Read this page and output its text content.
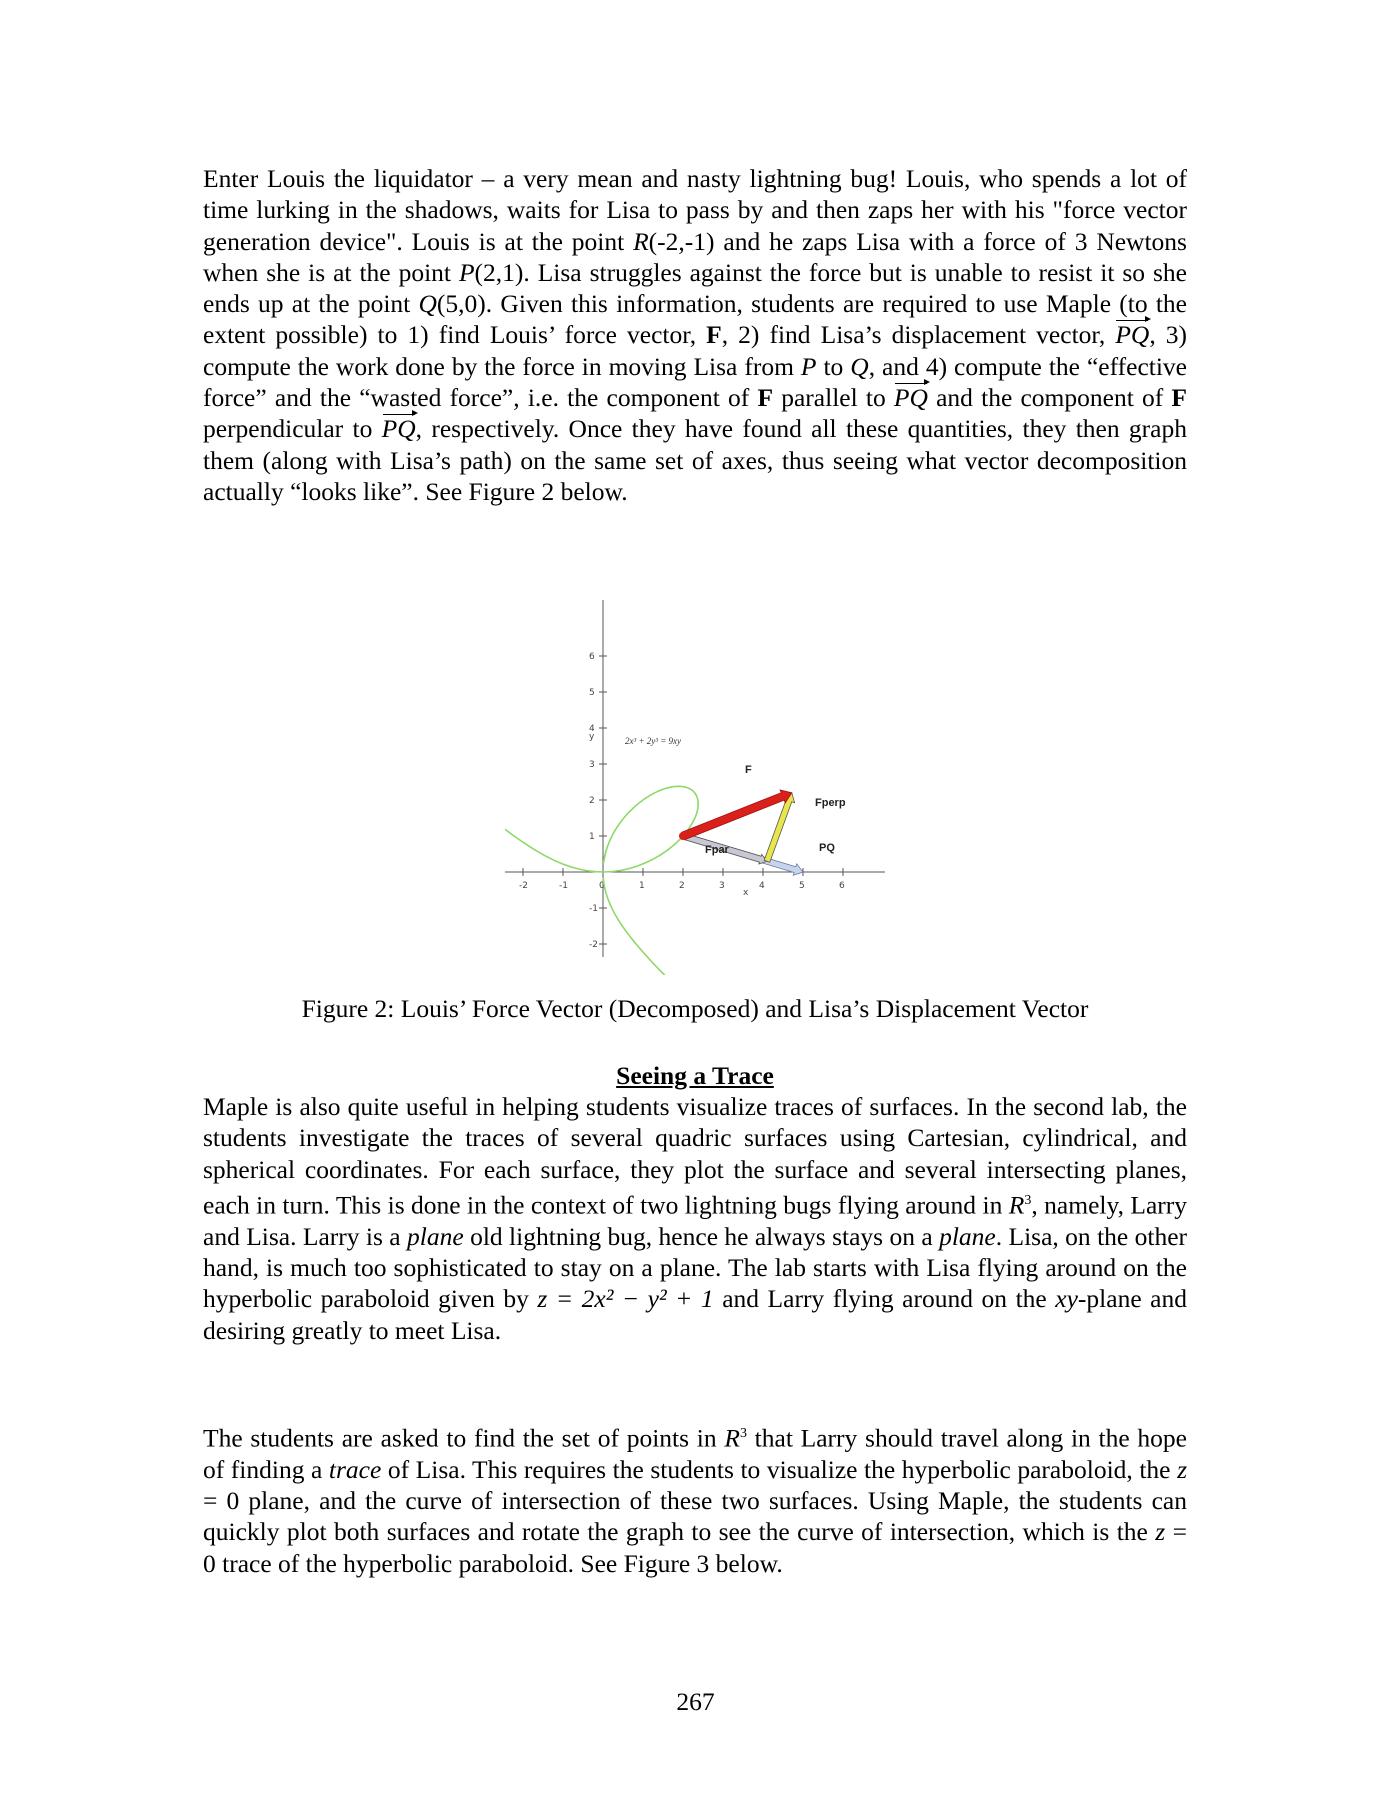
Enter Louis the liquidator – a very mean and nasty lightning bug! Louis, who spends a lot of time lurking in the shadows, waits for Lisa to pass by and then zaps her with his "force vector generation device". Louis is at the point R(-2,-1) and he zaps Lisa with a force of 3 Newtons when she is at the point P(2,1). Lisa struggles against the force but is unable to resist it so she ends up at the point Q(5,0). Given this information, students are required to use Maple (to the extent possible) to 1) find Louis’ force vector, F, 2) find Lisa’s displacement vector, PQ, 3) compute the work done by the force in moving Lisa from P to Q, and 4) compute the “effective force” and the “wasted force”, i.e. the component of F parallel to PQ and the component of F perpendicular to PQ, respectively. Once they have found all these quantities, they then graph them (along with Lisa’s path) on the same set of axes, thus seeing what vector decomposition actually “looks like”. See Figure 2 below.

-2	-1	0	1	2	3	4	5	6
6
5
4
3
2
1
-1
-2
x
y	2x³ + 2y³ = 9xy
F
Fperp
Fpar	PQ
Figure 2: Louis’ Force Vector (Decomposed) and Lisa’s Displacement Vector
Seeing a Trace

Maple is also quite useful in helping students visualize traces of surfaces. In the second lab, the students investigate the traces of several quadric surfaces using Cartesian, cylindrical, and spherical coordinates. For each surface, they plot the surface and several intersecting planes, each in turn. This is done in the context of two lightning bugs flying around in $R^3$, namely, Larry and Lisa. Larry is a plane old lightning bug, hence he always stays on a plane. Lisa, on the other hand, is much too sophisticated to stay on a plane. The lab starts with Lisa flying around on the hyperbolic paraboloid given by z = 2x² − y² + 1 and Larry flying around on the xy-plane and desiring greatly to meet Lisa.

The students are asked to find the set of points in $R^3$ that Larry should travel along in the hope of finding a trace of Lisa. This requires the students to visualize the hyperbolic paraboloid, the z = 0 plane, and the curve of intersection of these two surfaces. Using Maple, the students can quickly plot both surfaces and rotate the graph to see the curve of intersection, which is the z = 0 trace of the hyperbolic paraboloid. See Figure 3 below.

267
